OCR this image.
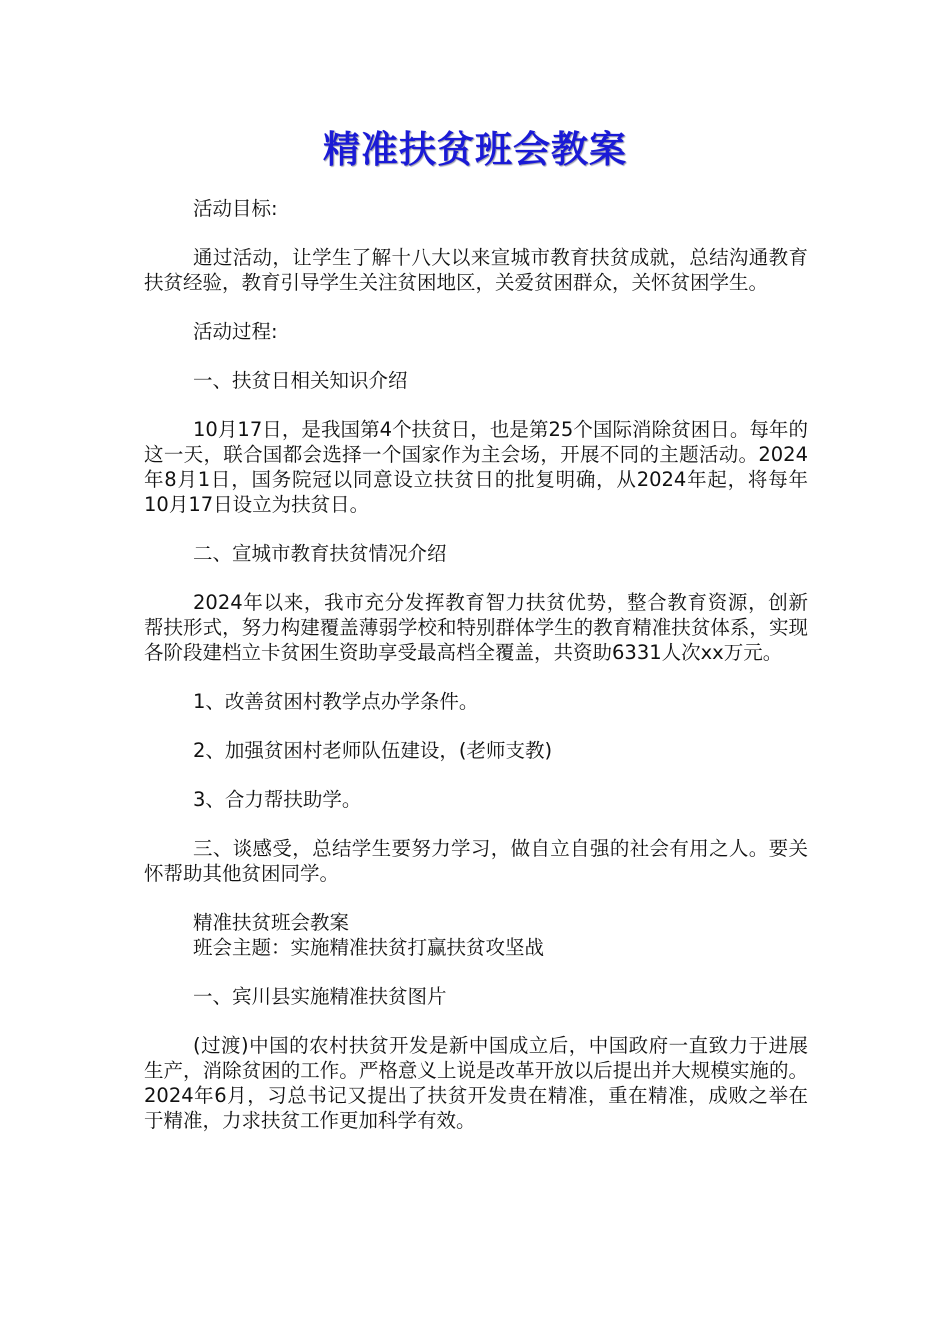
精准扶贫班会教案

活动目标:

通过活动，让学生了解十八大以来宣城市教育扶贫成就，总结沟通教育扶贫经验，教育引导学生关注贫困地区，关爱贫困群众，关怀贫困学生。

活动过程:

一、扶贫日相关知识介绍

10月17日，是我国第4个扶贫日，也是第25个国际消除贫困日。每年的这一天，联合国都会选择一个国家作为主会场，开展不同的主题活动。2024年8月1日，国务院冠以同意设立扶贫日的批复明确，从2024年起，将每年10月17日设立为扶贫日。

二、宣城市教育扶贫情况介绍

2024年以来，我市充分发挥教育智力扶贫优势，整合教育资源，创新帮扶形式，努力构建覆盖薄弱学校和特别群体学生的教育精准扶贫体系，实现各阶段建档立卡贫困生资助享受最高档全覆盖，共资助6331人次xx万元。

1、改善贫困村教学点办学条件。

2、加强贫困村老师队伍建设，(老师支教)

3、合力帮扶助学。

三、谈感受，总结学生要努力学习，做自立自强的社会有用之人。要关怀帮助其他贫困同学。

精准扶贫班会教案

班会主题：实施精准扶贫打赢扶贫攻坚战

一、宾川县实施精准扶贫图片

(过渡)中国的农村扶贫开发是新中国成立后，中国政府一直致力于进展生产，消除贫困的工作。严格意义上说是改革开放以后提出并大规模实施的。2024年6月，习总书记又提出了扶贫开发贵在精准，重在精准，成败之举在于精准，力求扶贫工作更加科学有效。
